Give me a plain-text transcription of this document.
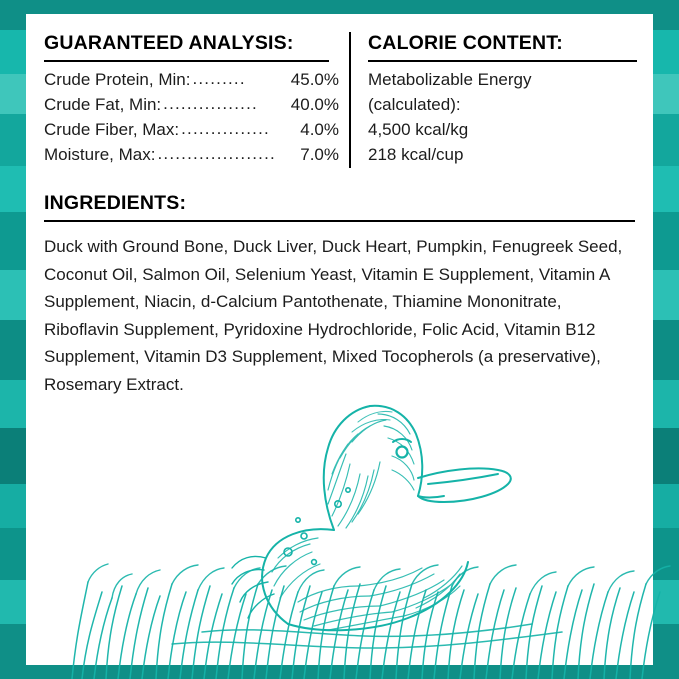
GUARANTEED ANALYSIS:
Crude Protein, Min: .........	45.0%
Crude Fat, Min: ................	40.0%
Crude Fiber, Max: ...............	4.0%
Moisture, Max: ....................	7.0%
CALORIE CONTENT:
Metabolizable Energy
(calculated):
4,500 kcal/kg
218 kcal/cup
INGREDIENTS:
Duck with Ground Bone, Duck Liver, Duck Heart, Pumpkin, Fenugreek Seed, Coconut Oil, Salmon Oil, Selenium Yeast, Vitamin E Supplement, Vitamin A Supplement, Niacin, d-Calcium Pantothenate, Thiamine Mononitrate, Riboflavin Supplement, Pyridoxine Hydrochloride, Folic Acid, Vitamin B12 Supplement, Vitamin D3 Supplement, Mixed Tocopherols (a preservative), Rosemary Extract.
